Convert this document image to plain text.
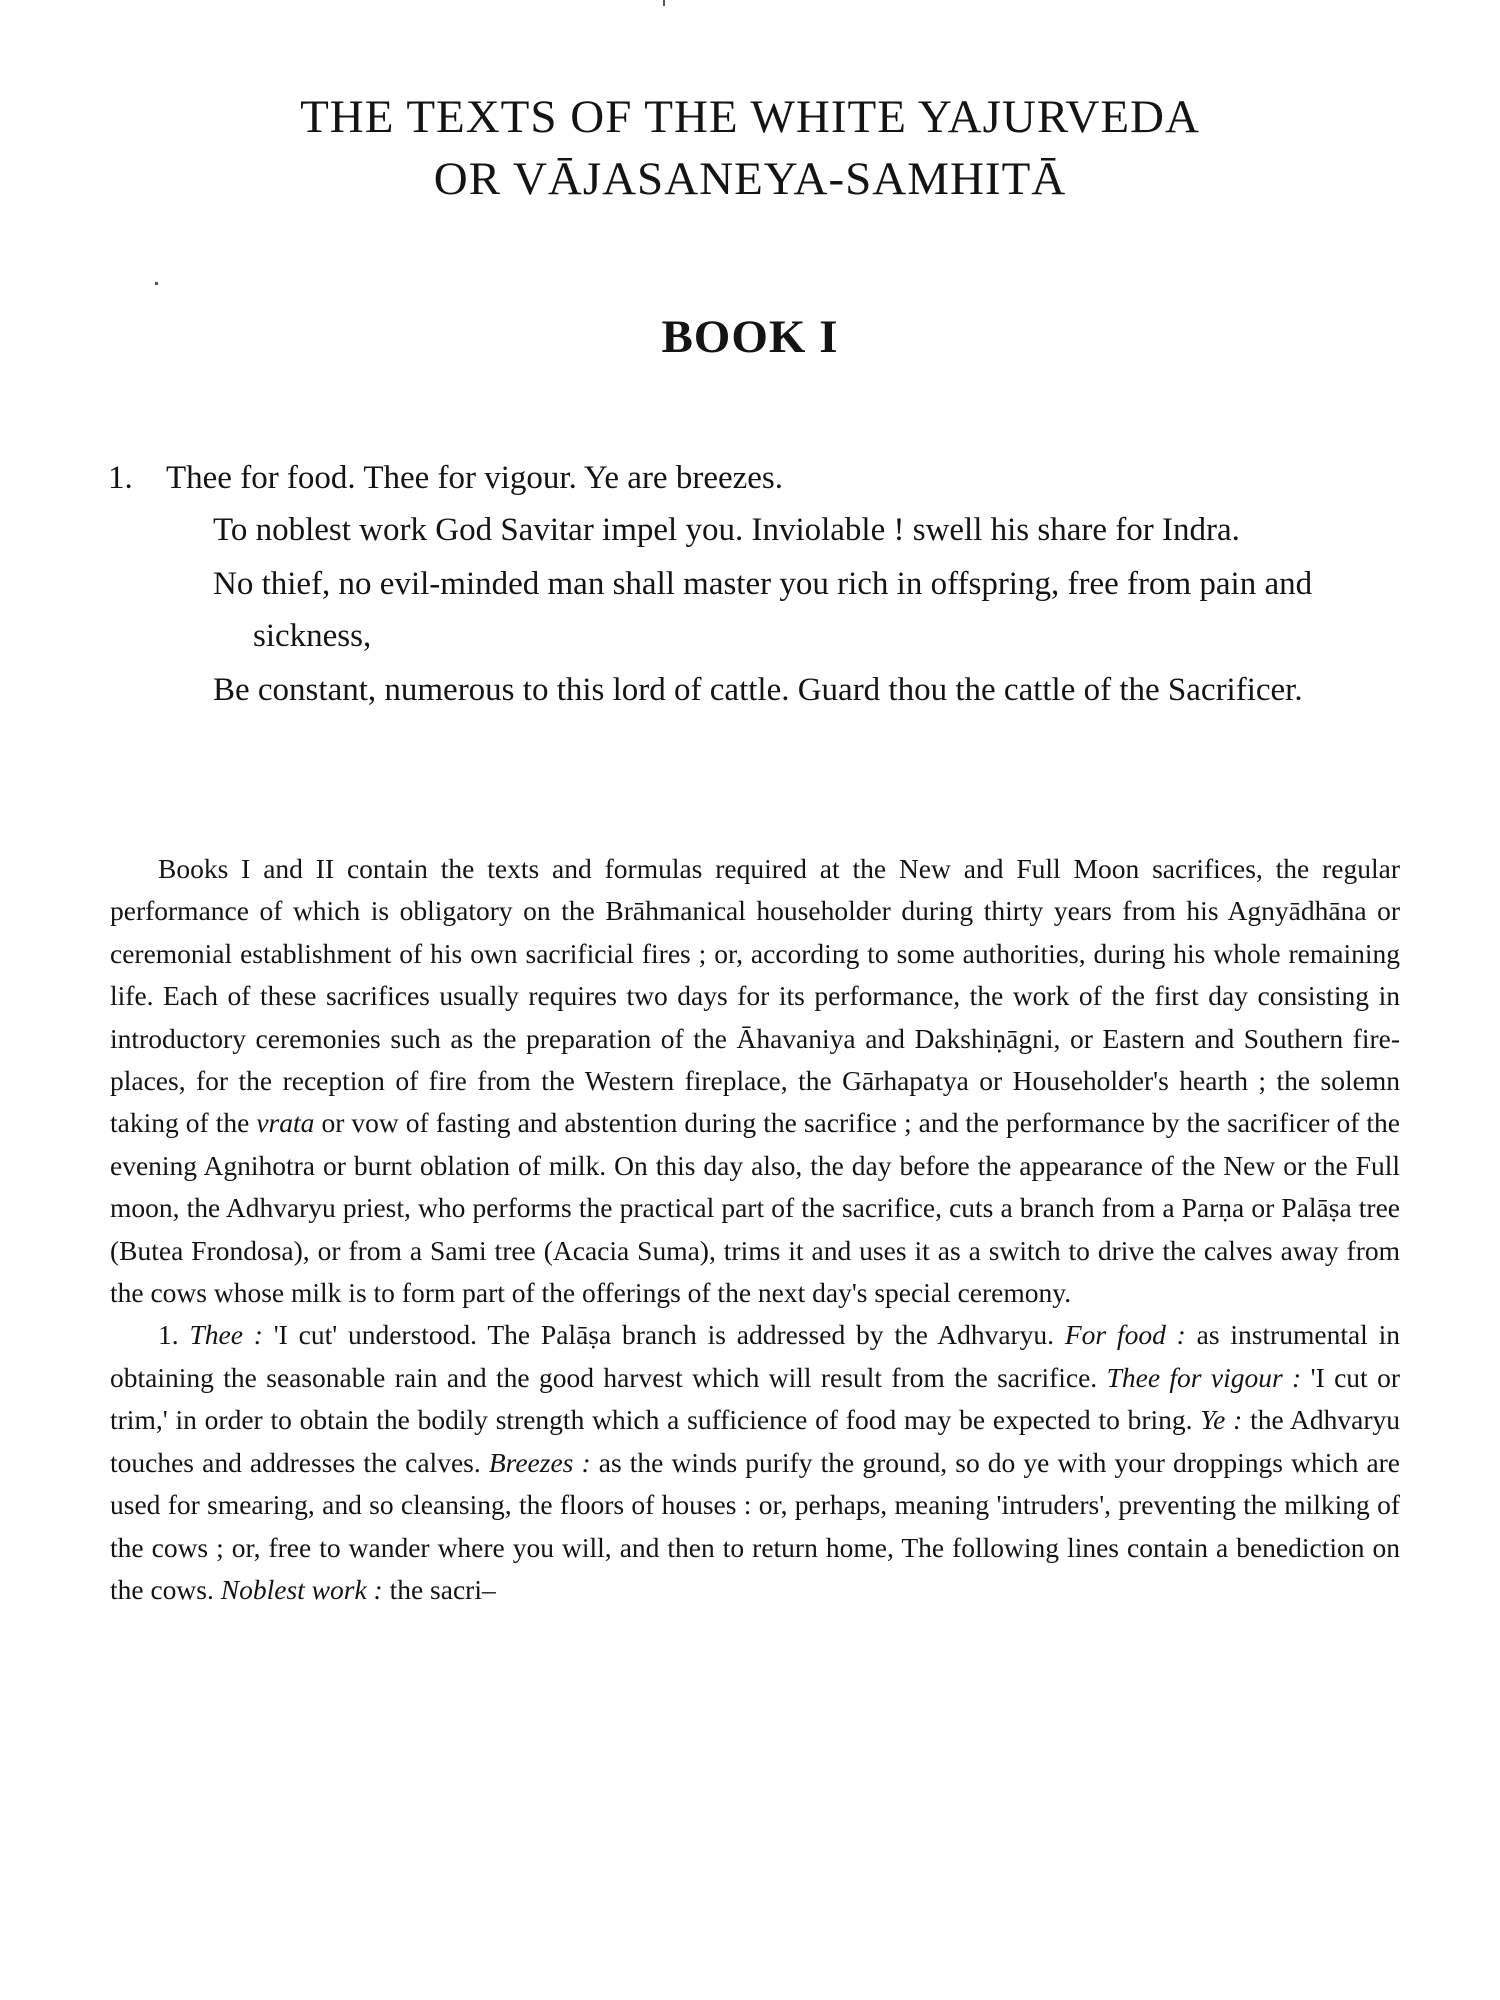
THE TEXTS OF THE WHITE YAJURVEDA
OR VĀJASANEYA-SAMHITĀ
BOOK I
1. Thee for food. Thee for vigour. Ye are breezes.
To noblest work God Savitar impel you. Inviolable ! swell his share for Indra.
No thief, no evil-minded man shall master you rich in offspring, free from pain and sickness,
Be constant, numerous to this lord of cattle. Guard thou the cattle of the Sacrificer.

Books I and II contain the texts and formulas required at the New and Full Moon sacrifices, the regular performance of which is obligatory on the Brāhmanical householder during thirty years from his Agnyādhāna or ceremonial establishment of his own sacrificial fires ; or, according to some authorities, during his whole remaining life. Each of these sacrifices usually requires two days for its performance, the work of the first day consisting in introductory ceremonies such as the preparation of the Āhavaniya and Dakshiṇāgni, or Eastern and Southern fire-places, for the reception of fire from the Western fireplace, the Gārhapatya or Householder's hearth ; the solemn taking of the vrata or vow of fasting and abstention during the sacrifice ; and the performance by the sacrificer of the evening Agnihotra or burnt oblation of milk. On this day also, the day before the appearance of the New or the Full moon, the Adhvaryu priest, who performs the practical part of the sacrifice, cuts a branch from a Parṇa or Palāṣa tree (Butea Frondosa), or from a Sami tree (Acacia Suma), trims it and uses it as a switch to drive the calves away from the cows whose milk is to form part of the offerings of the next day's special ceremony.

1. Thee : 'I cut' understood. The Palāṣa branch is addressed by the Adhvaryu. For food : as instrumental in obtaining the seasonable rain and the good harvest which will result from the sacrifice. Thee for vigour : 'I cut or trim,' in order to obtain the bodily strength which a sufficience of food may be expected to bring. Ye : the Adhvaryu touches and addresses the calves. Breezes : as the winds purify the ground, so do ye with your droppings which are used for smearing, and so cleansing, the floors of houses : or, perhaps, meaning 'intruders', preventing the milking of the cows ; or, free to wander where you will, and then to return home, The following lines contain a benediction on the cows. Noblest work : the sacri–
